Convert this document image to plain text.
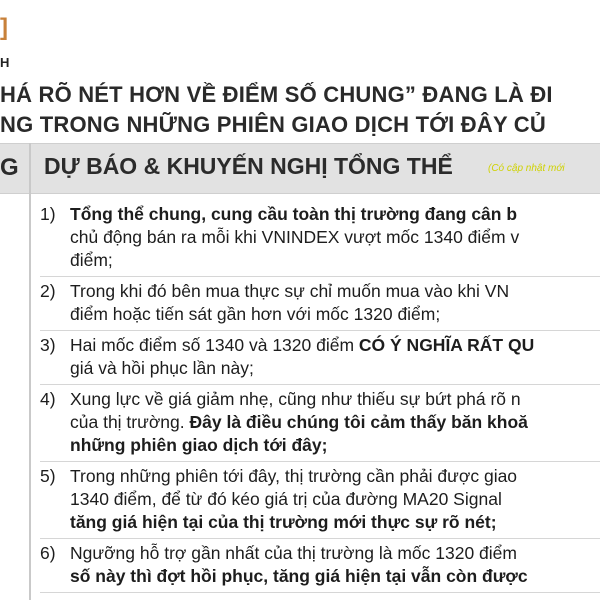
]
H
HÁ RÕ NÉT HƠN VỀ ĐIỂM SỐ CHUNG” ĐANG LÀ ĐI
NG TRONG NHỮNG PHIÊN GIAO DỊCH TỚI ĐÂY CỦ
G DỰ BÁO & KHUYẾN NGHỊ TỔNG THỂ	(Có cập nhật mới
1) Tổng thể chung, cung cầu toàn thị trường đang cân b
chủ động bán ra mỗi khi VNINDEX vượt mốc 1340 điểm v
điểm;
2) Trong khi đó bên mua thực sự chỉ muốn mua vào khi VN
điểm hoặc tiến sát gần hơn với mốc 1320 điểm;
3) Hai mốc điểm số 1340 và 1320 điểm CÓ Ý NGHĨA RẤT QU
giá và hồi phục lần này;
4) Xung lực về giá giảm nhẹ, cũng như thiếu sự bứt phá rõ n
của thị trường. Đây là điều chúng tôi cảm thấy băn khoă
những phiên giao dịch tới đây;
5) Trong những phiên tới đây, thị trường cần phải được giao
1340 điểm, để từ đó kéo giá trị của đường MA20 Signal
tăng giá hiện tại của thị trường mới thực sự rõ nét;
6) Ngưỡng hỗ trợ gần nhất của thị trường là mốc 1320 điểm
số này thì đợt hồi phục, tăng giá hiện tại vẫn còn được
